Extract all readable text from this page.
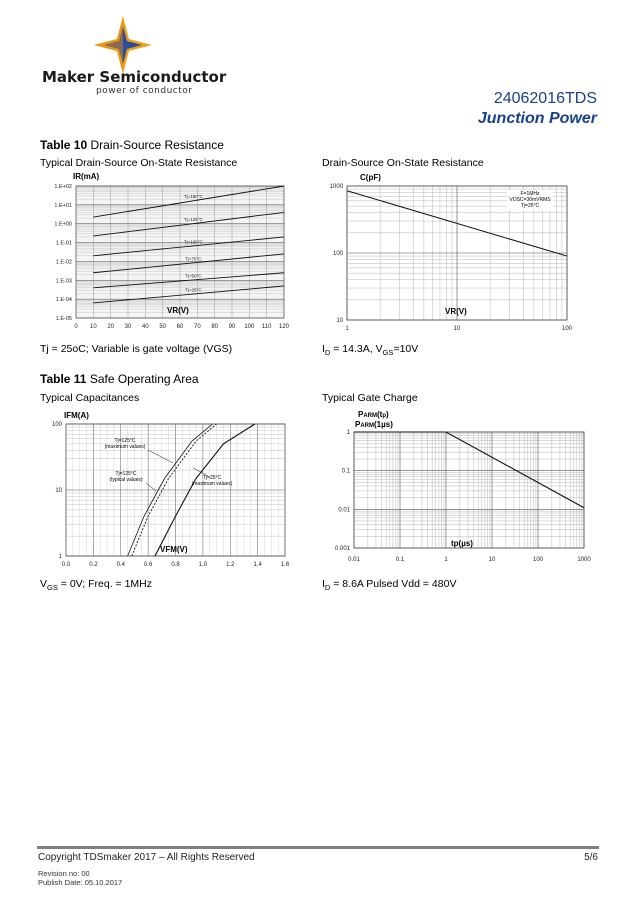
Maker Semiconductor
power of conductor	24062016TDS
Junction Power
Table 10 Drain-Source Resistance
Typical Drain-Source On-State Resistance	Drain-Source On-State Resistance
0 10 20 30 40 50 60 70 80 90 100 110 120
1.E-05
1.E-04
1.E-03
1.E-02
1.E-01
1.E+00
1.E+01
1.E+02
Tj=150°C
Tj=125°C
Tj=100°C
Tj=75°C
Tj=50°C
Tj=25°C
IR(mA)
VR(V)
1	10	100
10
100
1000
C(pF)
VR(V)
F=1MHz
VOSC=30mVRMS
Tj=25°C
Tj = 25oC; Variable is gate voltage (VGS)	$I_D = 14.3A$, $V_{GS}=10V$
Table 11 Safe Operating Area
Typical Capacitances	Typical Gate Charge
0.0	0.2	0.4	0.6	0.8	1.0	1.2	1.4	1.6
1
10
100
IFM(A)
VFM(V)
Tj=125°C
(maximum values)
Tj=125°C
(typical values)	Tj=25°C
(maximum values)
0.01	0.1	1	10	100	1000
0.001
0.01
0.1
1
PARM(tp)
PARM(1µs)
tp(µs)
$V_{GS} = 0V$; Freq. = 1MHz	$I_D = 8.6A$ Pulsed Vdd = 480V
Copyright TDSmaker 2017 – All Rights Reserved	5/6
Revision no: 00
Publish Date: 05.10.2017
